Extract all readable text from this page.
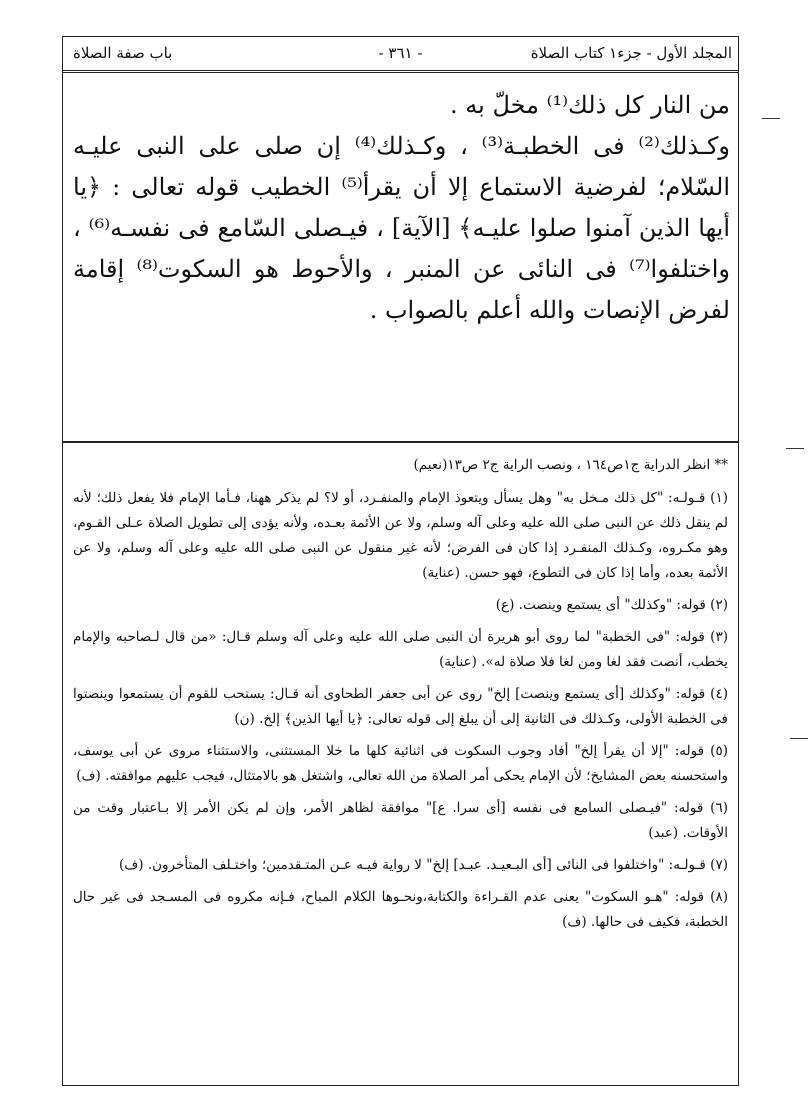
المجلد الأول - جزء١ كتاب الصلاة
- ٣٦١ -
باب صفة الصلاة

من النار كل ذلك⁽¹⁾ مخلّ به .

وكـذلك⁽²⁾ فى الخطبـة⁽³⁾ ، وكـذلك⁽⁴⁾ إن صلى على النبى عليـه السّلام؛ لفرضية الاستماع إلا أن يقرأ⁽⁵⁾ الخطيب قوله تعالى : ﴿يا أيها الذين آمنوا صلوا عليـه﴾ [الآية] ، فيـصلى السّامع فى نفسـه⁽⁶⁾ ، واختلفوا⁽⁷⁾ فى النائى عن المنبر ، والأحوط هو السكوت⁽⁸⁾ إقامة لفرض الإنصات والله أعلم بالصواب .

** انظر الدراية ج١ص١٦٤ ، ونصب الراية ج٢ ص١٣(نعيم)

(١) قـولـه: "كل ذلك مـخل به" وهل يسأل ويتعوذ الإمام والمنفـرد، أو لا؟ لم يذكر ههنا، فـأما الإمام فلا يفعل ذلك؛ لأنه لم ينقل ذلك عن النبى صلى الله عليه وعلى آله وسلم، ولا عن الأئمة بعـده، ولأنه يؤدى إلى تطويل الصلاة عـلى القـوم، وهو مكـروه، وكـذلك المنفـرد إذا كان فى الفرض؛ لأنه غير منقول عن النبى صلى الله عليه وعلى آله وسلم، ولا عن الأئمة بعده، وأما إذا كان فى التطوع، فهو حسن. (عناية)

(٢) قوله: "وكذلك" أى يستمع وينصت. (ع)

(٣) قوله: "فى الخطبة" لما روى أبو هريرة أن النبى صلى الله عليه وعلى آله وسلم قـال: «من قال لـصاحبه والإمام يخطب، أنصت فقد لغا ومن لغا فلا صلاة له». (عناية)

(٤) قوله: "وكذلك [أى يستمع وينصت] إلخ" روى عن أبى جعفر الطحاوى أنه قـال: يستحب للقوم أن يستمعوا وينصتوا فى الخطبة الأولى، وكـذلك فى الثانية إلى أن يبلغ إلى قوله تعالى: ﴿يا أيها الذين﴾ إلخ. (ن)

(٥) قوله: "إلا أن يقرأ إلخ" أفاد وجوب السكوت فى اثنائية كلها ما خلا المستثنى، والاستثناء مروى عن أبى يوسف، واستحسنه بعض المشايخ؛ لأن الإمام يحكى أمر الصلاة من الله تعالى، واشتغل هو بالامتثال، فيجب عليهم موافقته. (ف)

(٦) قوله: "فيـصلى السامع فى نفسه [أى سرا. ع]" موافقة لظاهر الأمر، وإن لم يكن الأمر إلا بـاعتبار وقت من الأوقات. (عبد)

(٧) قـولـه: "واختلفوا فى النائى [أى البـعيـد. عبـد] إلخ" لا رواية فيـه عـن المتـقدمين؛ واختـلف المتأخرون. (ف)

(٨) قوله: "هـو السكوت" يعنى عدم القـراءة والكتابة،ونحـوها الكلام المباح، فـإنه مكروه فى المسـجد فى غير حال الخطبة، فكيف فى حالها. (ف)
